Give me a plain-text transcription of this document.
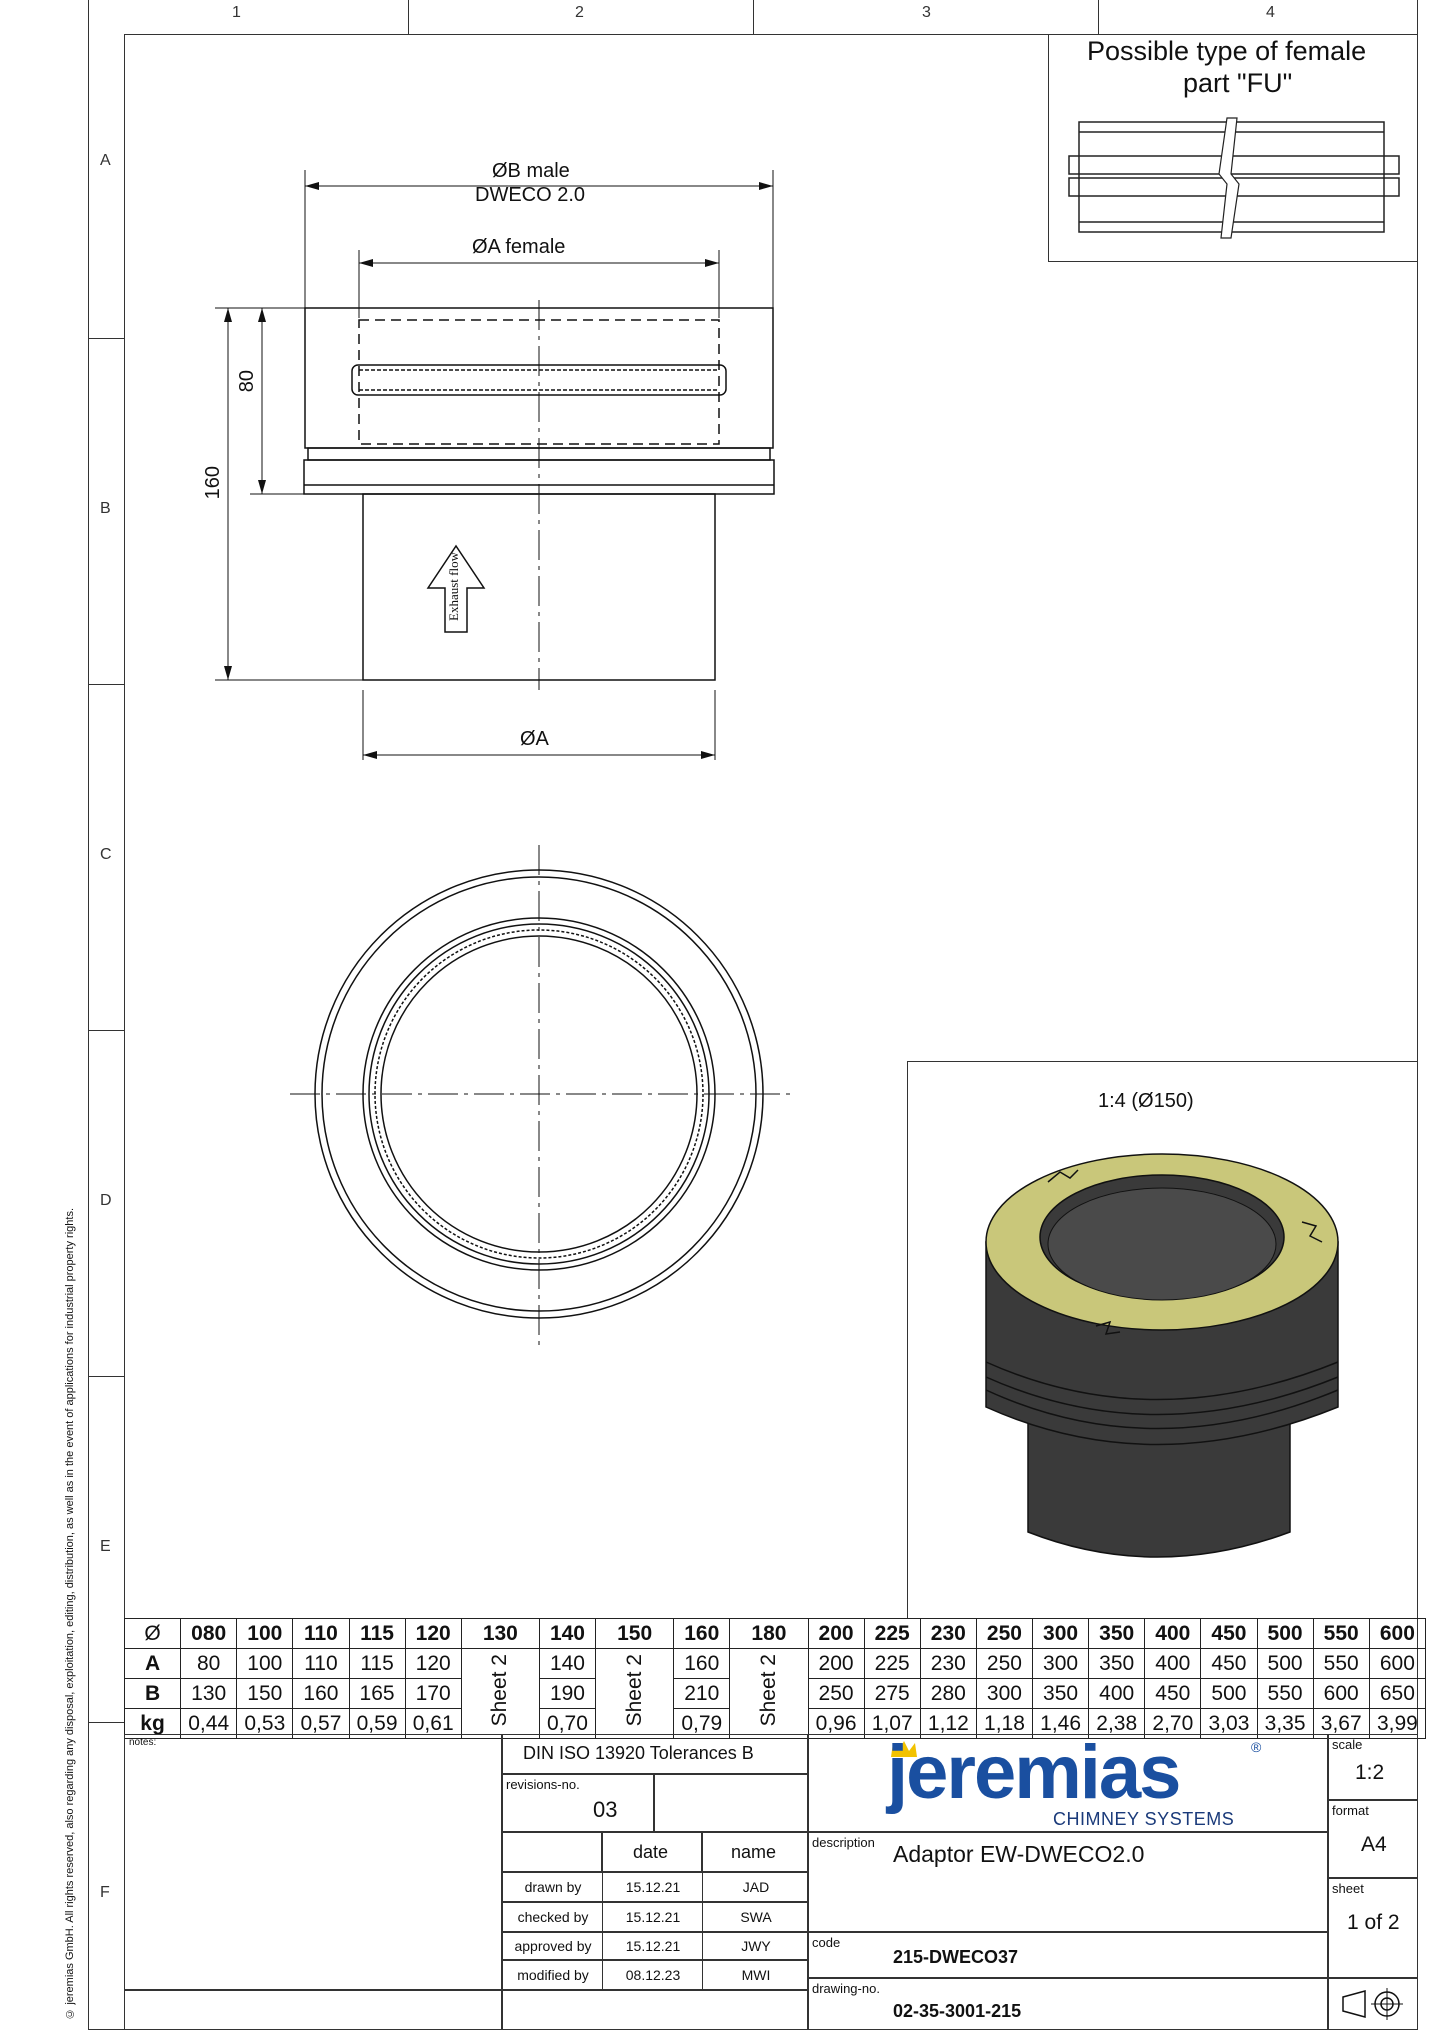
1	2	3	4
A
B
C
D
E
F
© jeremias GmbH. All rights reserved, also regarding any disposal, exploitation, editing, distribution, as well as in the event of applications for industrial property rights.
Possible type of female
part "FU"
ØB male
DWECO 2.0
ØA female
ØA
80
160
Exhaust flow
1:4 (Ø150)
Ø	080	100	110	115	120	130	140	150	160	180	200	225	230	250	300	350	400	450	500	550	600
A	80	100	110	115	120	Sheet 2	140	Sheet 2	160	Sheet 2	200	225	230	250	300	350	400	450	500	550	600
B	130	150	160	165	170		190		210		250	275	280	300	350	400	450	500	550	600	650
kg	0,44	0,53	0,57	0,59	0,61		0,70		0,79		0,96	1,07	1,12	1,18	1,46	2,38	2,70	3,03	3,35	3,67	3,99
notes:
DIN ISO 13920 Tolerances B
revisions-no.
03
date	name
drawn by	15.12.21	JAD
checked by	15.12.21	SWA
approved by	15.12.21	JWY
modified by	08.12.23	MWI
jeremias	®
CHIMNEY SYSTEMS
description Adaptor EW-DWECO2.0
code
215-DWECO37
drawing-no.
02-35-3001-215
scale
1:2
format
A4
sheet
1 of 2
